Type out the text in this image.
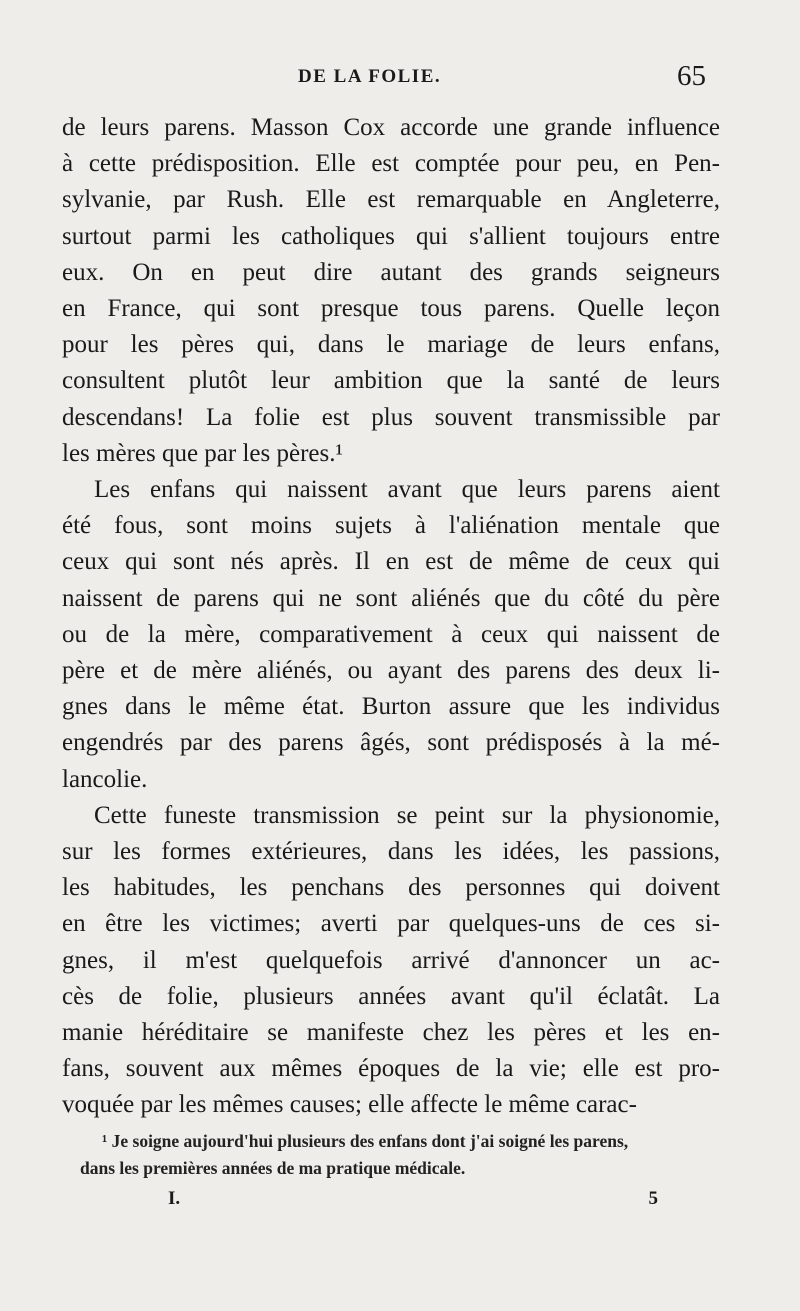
DE LA FOLIE.	65
de leurs parens. Masson Cox accorde une grande influence
à cette prédisposition. Elle est comptée pour peu, en Pen-
sylvanie, par Rush. Elle est remarquable en Angleterre,
surtout parmi les catholiques qui s'allient toujours entre
eux. On en peut dire autant des grands seigneurs
en France, qui sont presque tous parens. Quelle leçon
pour les pères qui, dans le mariage de leurs enfans,
consultent plutôt leur ambition que la santé de leurs
descendans! La folie est plus souvent transmissible par
les mères que par les pères.¹
Les enfans qui naissent avant que leurs parens aient
été fous, sont moins sujets à l'aliénation mentale que
ceux qui sont nés après. Il en est de même de ceux qui
naissent de parens qui ne sont aliénés que du côté du père
ou de la mère, comparativement à ceux qui naissent de
père et de mère aliénés, ou ayant des parens des deux li-
gnes dans le même état. Burton assure que les individus
engendrés par des parens âgés, sont prédisposés à la mé-
lancolie.
Cette funeste transmission se peint sur la physionomie,
sur les formes extérieures, dans les idées, les passions,
les habitudes, les penchans des personnes qui doivent
en être les victimes; averti par quelques-uns de ces si-
gnes, il m'est quelquefois arrivé d'annoncer un ac-
cès de folie, plusieurs années avant qu'il éclatât. La
manie héréditaire se manifeste chez les pères et les en-
fans, souvent aux mêmes époques de la vie; elle est pro-
voquée par les mêmes causes; elle affecte le même carac-
¹ Je soigne aujourd'hui plusieurs des enfans dont j'ai soigné les parens,
dans les premières années de ma pratique médicale.
I.	5
